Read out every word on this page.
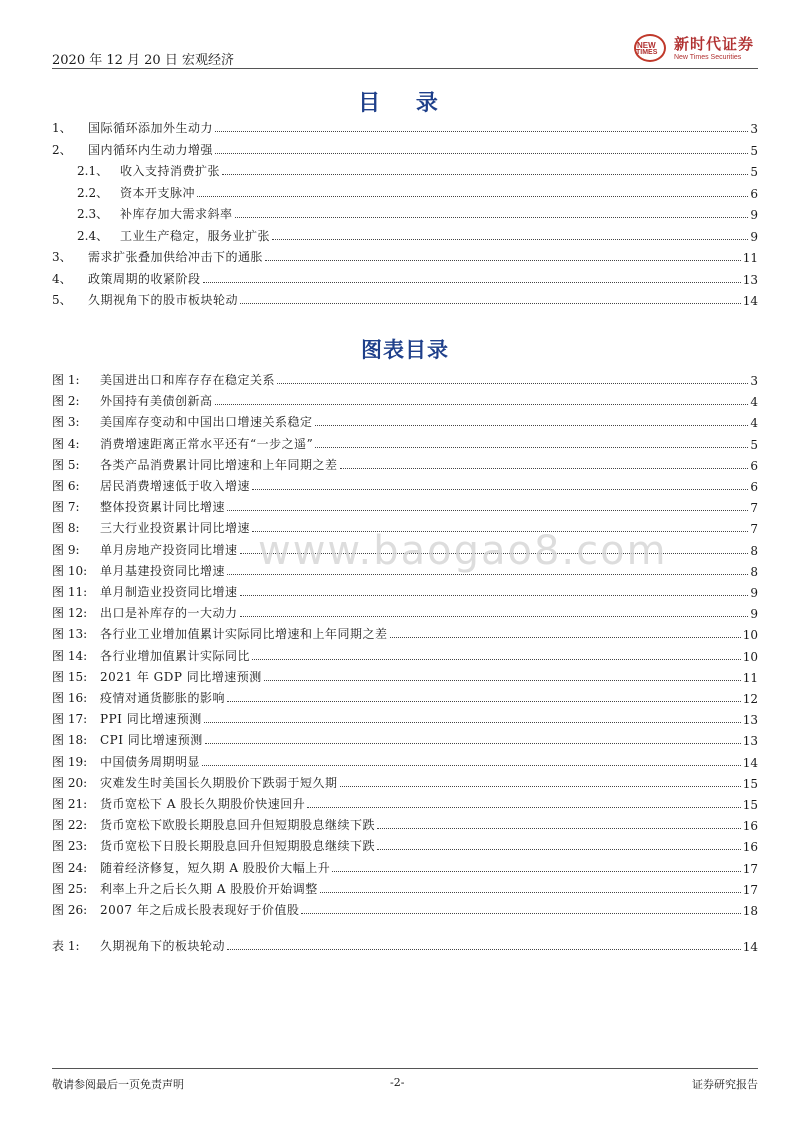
2020 年 12 月 20 日 宏观经济
NEW
TIMES 新时代证券
New Times Securities
目 录
1、	国际循环添加外生动力	3
2、	国内循环内生动力增强	5
2.1、 收入支持消费扩张	5
2.2、 资本开支脉冲	6
2.3、 补库存加大需求斜率	9
2.4、 工业生产稳定，服务业扩张	9
3、	需求扩张叠加供给冲击下的通胀	11
4、	政策周期的收紧阶段	13
5、	久期视角下的股市板块轮动	14
图表目录
图 1:	美国进出口和库存存在稳定关系	3
图 2:	外国持有美债创新高	4
图 3:	美国库存变动和中国出口增速关系稳定	4
图 4:	消费增速距离正常水平还有“一步之遥”	5
图 5:	各类产品消费累计同比增速和上年同期之差	6
图 6:	居民消费增速低于收入增速	6
图 7:	整体投资累计同比增速	7
图 8:	三大行业投资累计同比增速	7
图 9:	单月房地产投资同比增速	8
图 10:	单月基建投资同比增速	8
图 11:	单月制造业投资同比增速	9
图 12:	出口是补库存的一大动力	9
图 13:	各行业工业增加值累计实际同比增速和上年同期之差	10
图 14:	各行业增加值累计实际同比	10
图 15:	2021 年 GDP 同比增速预测	11
图 16:	疫情对通货膨胀的影响	12
图 17:	PPI 同比增速预测	13
图 18:	CPI 同比增速预测	13
图 19:	中国债务周期明显	14
图 20:	灾难发生时美国长久期股价下跌弱于短久期	15
图 21:	货币宽松下 A 股长久期股价快速回升	15
图 22:	货币宽松下欧股长期股息回升但短期股息继续下跌	16
图 23:	货币宽松下日股长期股息回升但短期股息继续下跌	16
图 24:	随着经济修复，短久期 A 股股价大幅上升	17
图 25:	利率上升之后长久期 A 股股价开始调整	17
图 26:	2007 年之后成长股表现好于价值股	18
表 1:	久期视角下的板块轮动	14
www.baogao8.com
敬请参阅最后一页免责声明	-2-	证券研究报告
